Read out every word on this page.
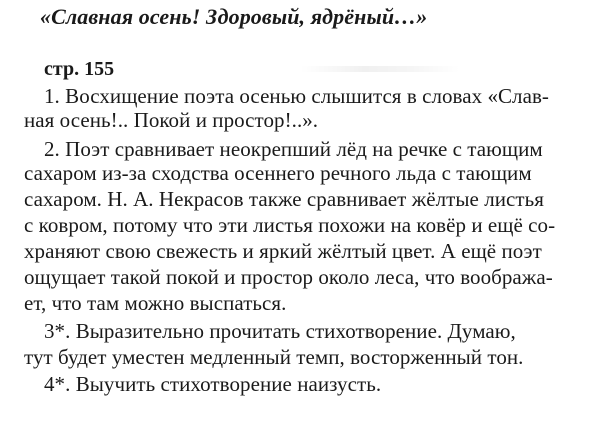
«Славная осень! Здоровый, ядрёный…»
стр. 155
1. Восхищение поэта осенью слышится в словах «Слав-
ная осень!.. Покой и простор!..».
2. Поэт сравнивает неокрепший лёд на речке с тающим
сахаром из-за сходства осеннего речного льда с тающим
сахаром. Н. А. Некрасов также сравнивает жёлтые листья
с ковром, потому что эти листья похожи на ковёр и ещё со-
храняют свою свежесть и яркий жёлтый цвет. А ещё поэт
ощущает такой покой и простор около леса, что вообража-
ет, что там можно выспаться.
3*. Выразительно прочитать стихотворение. Думаю,
тут будет уместен медленный темп, восторженный тон.
4*. Выучить стихотворение наизусть.
